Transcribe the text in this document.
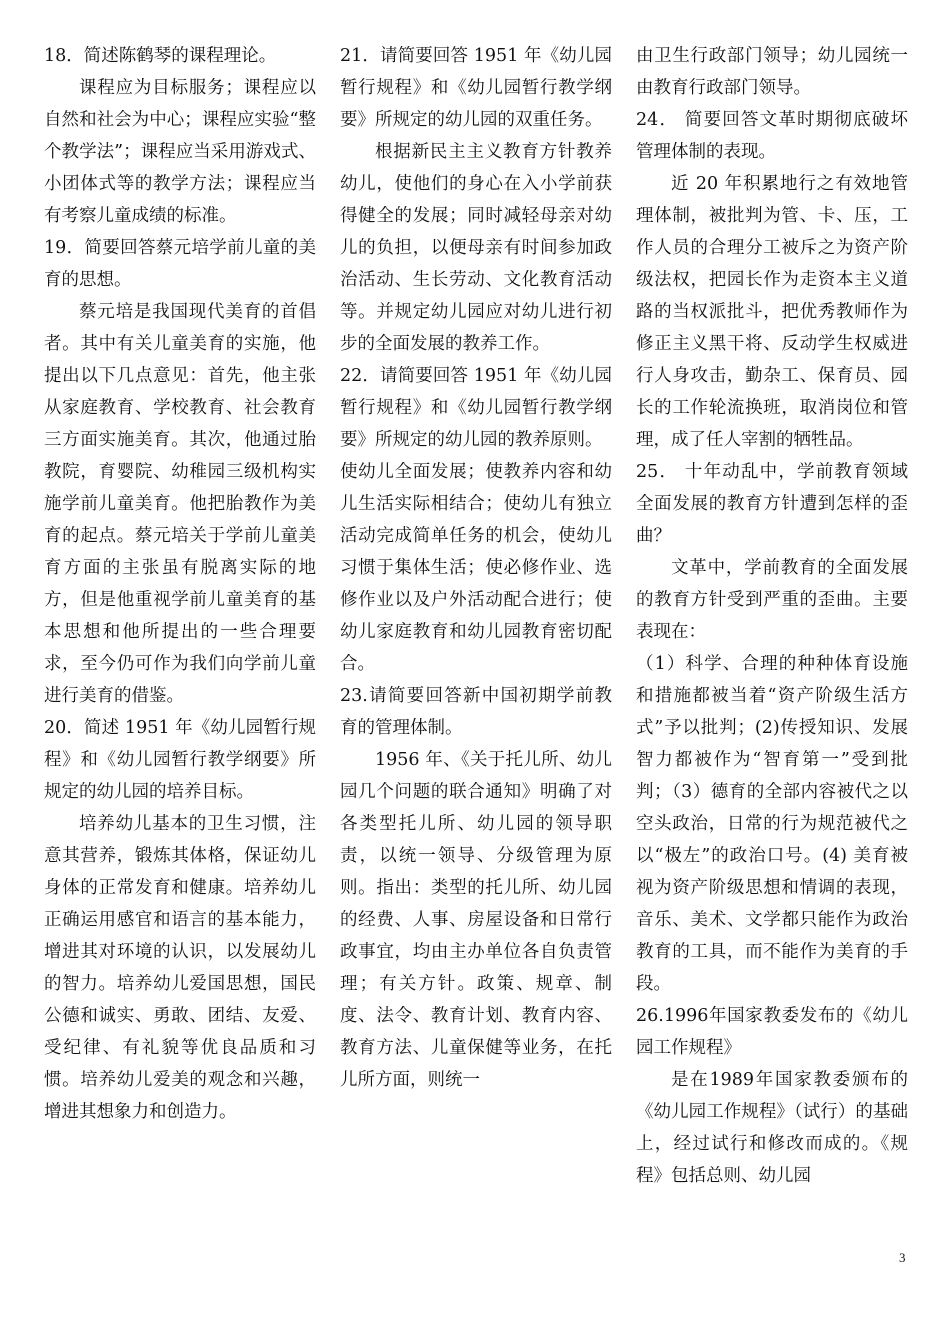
18．简述陈鹤琴的课程理论。

课程应为目标服务；课程应以自然和社会为中心；课程应实验“整个教学法”；课程应当采用游戏式、小团体式等的教学方法；课程应当有考察儿童成绩的标准。

19．简要回答蔡元培学前儿童的美育的思想。

蔡元培是我国现代美育的首倡者。其中有关儿童美育的实施，他提出以下几点意见：首先，他主张从家庭教育、学校教育、社会教育三方面实施美育。其次，他通过胎教院，育婴院、幼稚园三级机构实施学前儿童美育。他把胎教作为美育的起点。蔡元培关于学前儿童美育方面的主张虽有脱离实际的地方，但是他重视学前儿童美育的基本思想和他所提出的一些合理要求，至今仍可作为我们向学前儿童进行美育的借鉴。

20．简述 1951 年《幼儿园暂行规程》和《幼儿园暂行教学纲要》所规定的幼儿园的培养目标。

培养幼儿基本的卫生习惯，注意其营养，锻炼其体格，保证幼儿身体的正常发育和健康。培养幼儿正确运用感官和语言的基本能力，增进其对环境的认识，以发展幼儿的智力。培养幼儿爱国思想，国民公德和诚实、勇敢、团结、友爱、受纪律、有礼貌等优良品质和习惯。培养幼儿爱美的观念和兴趣，增进其想象力和创造力。

21．请简要回答 1951 年《幼儿园暂行规程》和《幼儿园暂行教学纲要》所规定的幼儿园的双重任务。

根据新民主主义教育方针教养幼儿，使他们的身心在入小学前获得健全的发展；同时减轻母亲对幼儿的负担，以便母亲有时间参加政治活动、生长劳动、文化教育活动等。并规定幼儿园应对幼儿进行初步的全面发展的教养工作。

22．请简要回答 1951 年《幼儿园暂行规程》和《幼儿园暂行教学纲要》所规定的幼儿园的教养原则。

使幼儿全面发展；使教养内容和幼儿生活实际相结合；使幼儿有独立活动完成简单任务的机会，使幼儿习惯于集体生活；使必修作业、选修作业以及户外活动配合进行；使幼儿家庭教育和幼儿园教育密切配合。

23.请简要回答新中国初期学前教育的管理体制。

1956 年、《关于托儿所、幼儿园几个问题的联合通知》明确了对各类型托儿所、幼儿园的领导职责，以统一领导、分级管理为原则。指出：类型的托儿所、幼儿园的经费、人事、房屋设备和日常行政事宜，均由主办单位各自负责管理；有关方针。政策、规章、制度、法令、教育计划、教育内容、教育方法、儿童保健等业务，在托儿所方面，则统一

由卫生行政部门领导；幼儿园统一由教育行政部门领导。

24． 简要回答文革时期彻底破坏管理体制的表现。

近 20 年积累地行之有效地管理体制，被批判为管、卡、压，工作人员的合理分工被斥之为资产阶级法权，把园长作为走资本主义道路的当权派批斗，把优秀教师作为修正主义黑干将、反动学生权威进行人身攻击，勤杂工、保育员、园长的工作轮流换班，取消岗位和管理，成了任人宰割的牺牲品。

25． 十年动乱中，学前教育领域全面发展的教育方针遭到怎样的歪曲？

文革中，学前教育的全面发展的教育方针受到严重的歪曲。主要表现在：

（1）科学、合理的种种体育设施和措施都被当着“资产阶级生活方式”予以批判；(2)传授知识、发展智力都被作为“智育第一”受到批判；（3）德育的全部内容被代之以空头政治，日常的行为规范被代之以“极左”的政治口号。(4) 美育被视为资产阶级思想和情调的表现，音乐、美术、文学都只能作为政治教育的工具，而不能作为美育的手段。

26.1996年国家教委发布的《幼儿园工作规程》

是在1989年国家教委颁布的《幼儿园工作规程》（试行）的基础上，经过试行和修改而成的。《规程》包括总则、幼儿园

3
